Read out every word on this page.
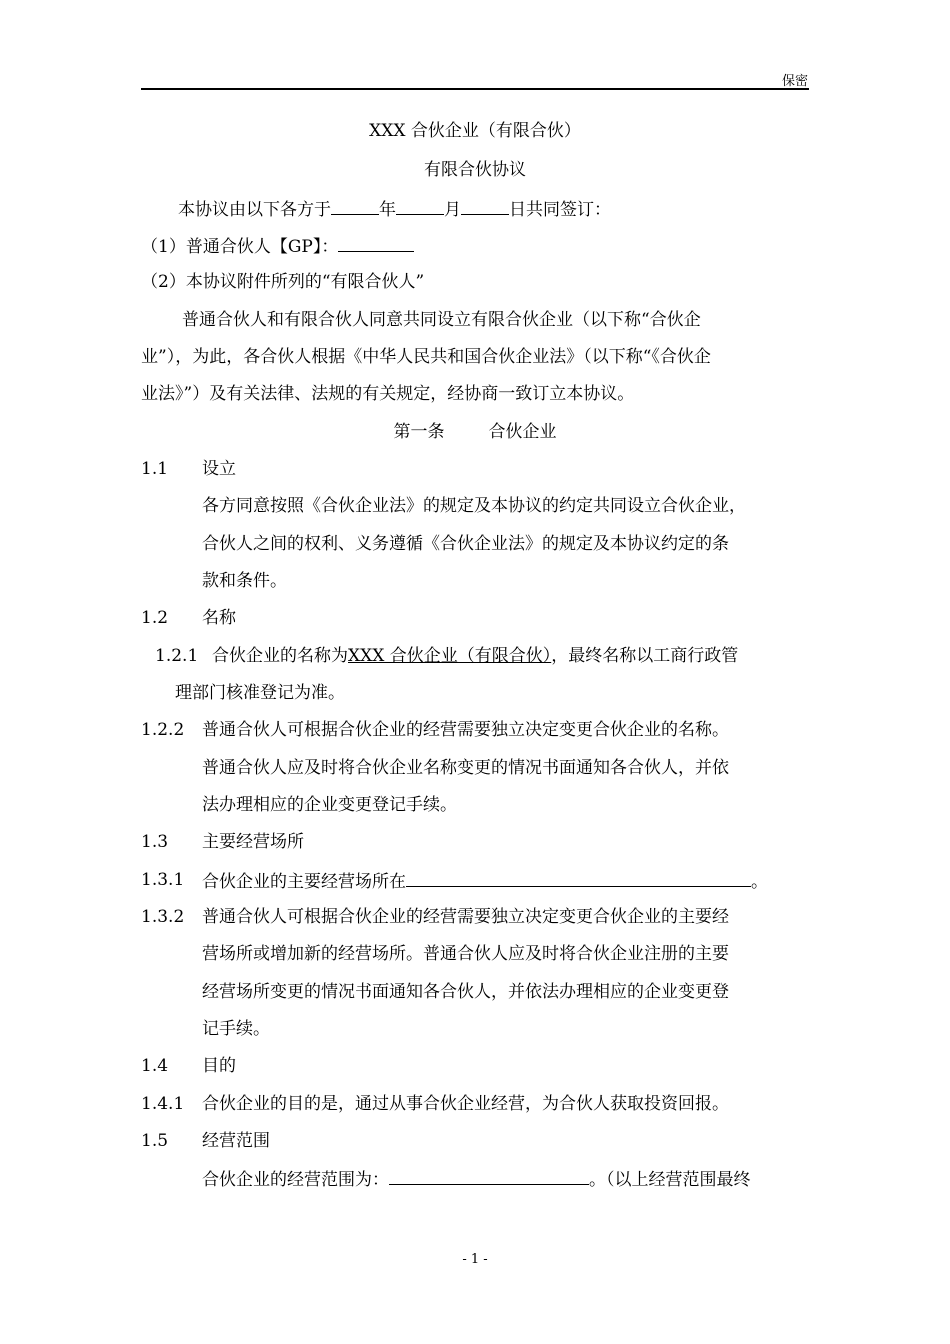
保密
XXX 合伙企业（有限合伙）
有限合伙协议
本协议由以下各方于	年	月	日共同签订：
（1）普通合伙人【GP】：
（2）本协议附件所列的“有限合伙人”
普通合伙人和有限合伙人同意共同设立有限合伙企业（以下称“合伙企
业”），为此，各合伙人根据《中华人民共和国合伙企业法》（以下称“《合伙企
业法》”）及有关法律、法规的有关规定，经协商一致订立本协议。
第一条	合伙企业
1.1 设立
各方同意按照《合伙企业法》的规定及本协议的约定共同设立合伙企业，
合伙人之间的权利、义务遵循《合伙企业法》的规定及本协议约定的条
款和条件。
1.2 名称
1.2.1 合伙企业的名称为XXX 合伙企业（有限合伙），最终名称以工商行政管
理部门核准登记为准。
1.2.2 普通合伙人可根据合伙企业的经营需要独立决定变更合伙企业的名称。
普通合伙人应及时将合伙企业名称变更的情况书面通知各合伙人，并依
法办理相应的企业变更登记手续。
1.3 主要经营场所
1.3.1 合伙企业的主要经营场所在	。
1.3.2 普通合伙人可根据合伙企业的经营需要独立决定变更合伙企业的主要经
营场所或增加新的经营场所。普通合伙人应及时将合伙企业注册的主要
经营场所变更的情况书面通知各合伙人，并依法办理相应的企业变更登
记手续。
1.4 目的
1.4.1 合伙企业的目的是，通过从事合伙企业经营，为合伙人获取投资回报。
1.5 经营范围
合伙企业的经营范围为：	。（以上经营范围最终
- 1 -
